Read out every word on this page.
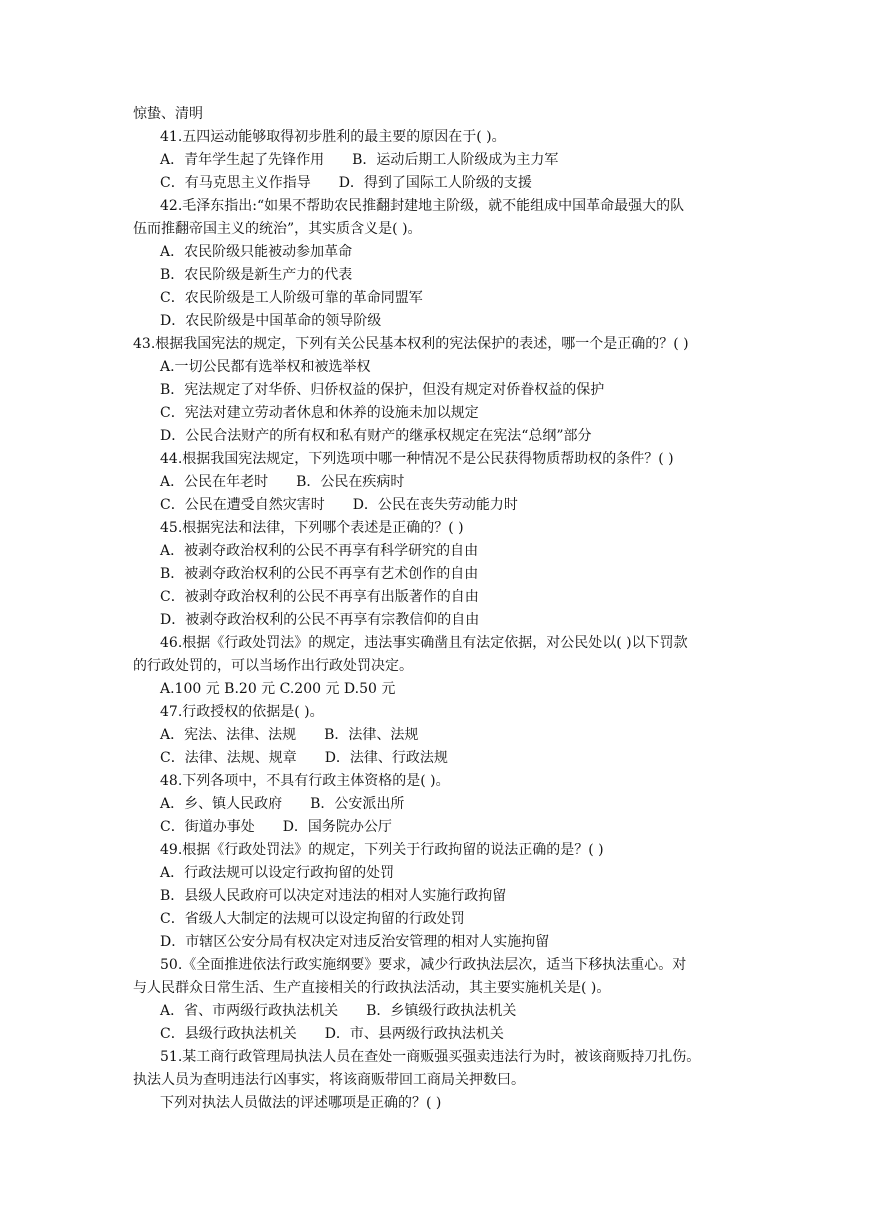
惊蛰、清明
41.五四运动能够取得初步胜利的最主要的原因在于( )。
A．青年学生起了先锋作用　　B．运动后期工人阶级成为主力军
C．有马克思主义作指导　　D．得到了国际工人阶级的支援
42.毛泽东指出:“如果不帮助农民推翻封建地主阶级，就不能组成中国革命最强大的队
伍而推翻帝国主义的统治”，其实质含义是( )。
A．农民阶级只能被动参加革命
B．农民阶级是新生产力的代表
C．农民阶级是工人阶级可靠的革命同盟军
D．农民阶级是中国革命的领导阶级
43.根据我国宪法的规定，下列有关公民基本权利的宪法保护的表述，哪一个是正确的？( )
A.一切公民都有选举权和被选举权
B．宪法规定了对华侨、归侨权益的保护，但没有规定对侨眷权益的保护
C．宪法对建立劳动者休息和休养的设施未加以规定
D．公民合法财产的所有权和私有财产的继承权规定在宪法“总纲”部分
44.根据我国宪法规定，下列选项中哪一种情况不是公民获得物质帮助权的条件？( )
A．公民在年老时　　B．公民在疾病时
C．公民在遭受自然灾害时　　D．公民在丧失劳动能力时
45.根据宪法和法律，下列哪个表述是正确的？( )
A．被剥夺政治权利的公民不再享有科学研究的自由
B．被剥夺政治权利的公民不再享有艺术创作的自由
C．被剥夺政治权利的公民不再享有出版著作的自由
D．被剥夺政治权利的公民不再享有宗教信仰的自由
46.根据《行政处罚法》的规定，违法事实确凿且有法定依据，对公民处以( )以下罚款
的行政处罚的，可以当场作出行政处罚决定。
A.100 元 B.20 元 C.200 元 D.50 元
47.行政授权的依据是( )。
A．宪法、法律、法规　　B．法律、法规
C．法律、法规、规章　　D．法律、行政法规
48.下列各项中，不具有行政主体资格的是( )。
A．乡、镇人民政府　　B．公安派出所
C．街道办事处　　D．国务院办公厅
49.根据《行政处罚法》的规定，下列关于行政拘留的说法正确的是？( )
A．行政法规可以设定行政拘留的处罚
B．县级人民政府可以决定对违法的相对人实施行政拘留
C．省级人大制定的法规可以设定拘留的行政处罚
D．市辖区公安分局有权决定对违反治安管理的相对人实施拘留
50.《全面推进依法行政实施纲要》要求，减少行政执法层次，适当下移执法重心。对
与人民群众日常生活、生产直接相关的行政执法活动，其主要实施机关是( )。
A．省、市两级行政执法机关　　B．乡镇级行政执法机关
C．县级行政执法机关　　D．市、县两级行政执法机关
51.某工商行政管理局执法人员在查处一商贩强买强卖违法行为时，被该商贩持刀扎伤。
执法人员为查明违法行凶事实，将该商贩带回工商局关押数曰。
下列对执法人员做法的评述哪项是正确的？( )
